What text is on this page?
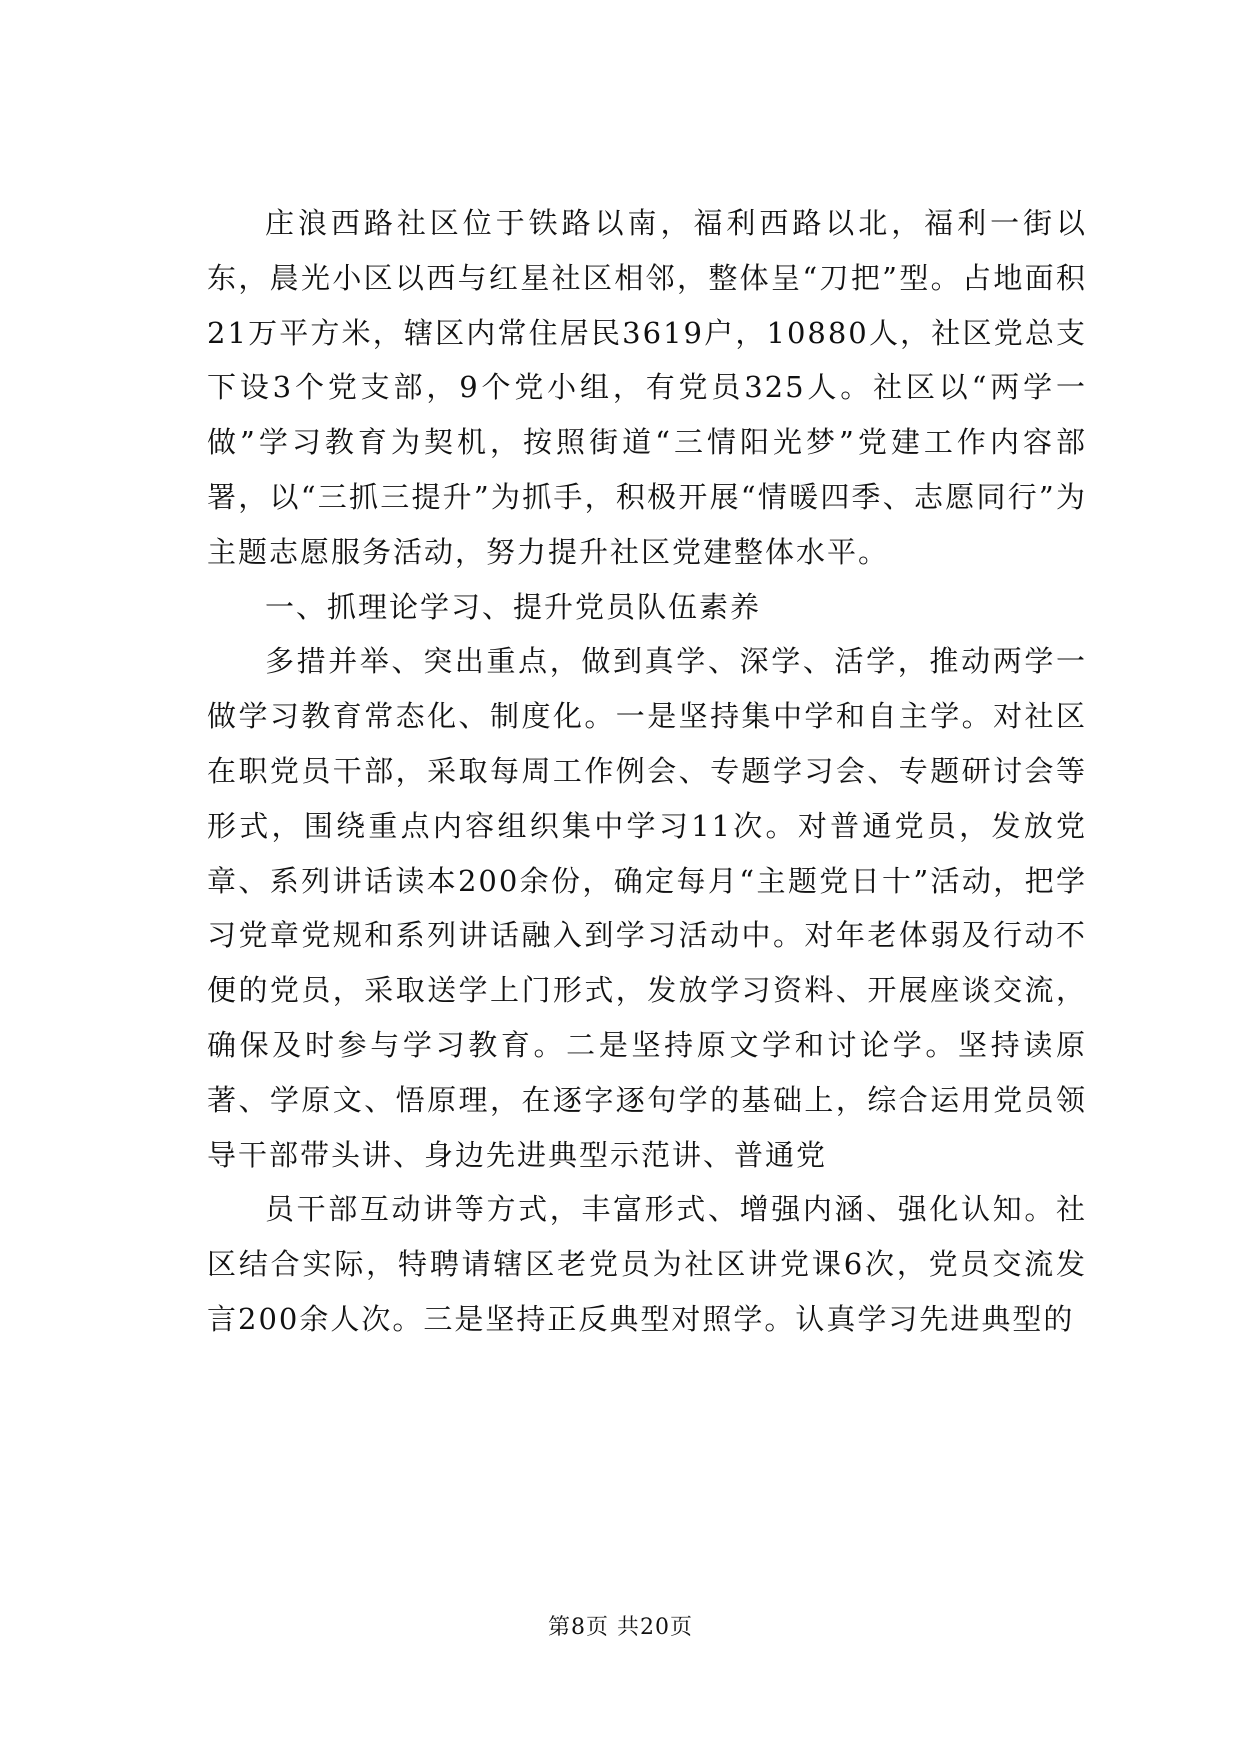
庄浪西路社区位于铁路以南，福利西路以北，福利一街以东，晨光小区以西与红星社区相邻，整体呈“刀把”型。占地面积21万平方米，辖区内常住居民3619户，10880人，社区党总支下设3个党支部，9个党小组，有党员325人。社区以“两学一做”学习教育为契机，按照街道“三情阳光梦”党建工作内容部署，以“三抓三提升”为抓手，积极开展“情暖四季、志愿同行”为主题志愿服务活动，努力提升社区党建整体水平。

一、抓理论学习、提升党员队伍素养

多措并举、突出重点，做到真学、深学、活学，推动两学一做学习教育常态化、制度化。一是坚持集中学和自主学。对社区在职党员干部，采取每周工作例会、专题学习会、专题研讨会等形式，围绕重点内容组织集中学习11次。对普通党员，发放党章、系列讲话读本200余份，确定每月“主题党日十”活动，把学习党章党规和系列讲话融入到学习活动中。对年老体弱及行动不便的党员，采取送学上门形式，发放学习资料、开展座谈交流，确保及时参与学习教育。二是坚持原文学和讨论学。坚持读原著、学原文、悟原理，在逐字逐句学的基础上，综合运用党员领导干部带头讲、身边先进典型示范讲、普通党

员干部互动讲等方式，丰富形式、增强内涵、强化认知。社区结合实际，特聘请辖区老党员为社区讲党课6次，党员交流发言200余人次。三是坚持正反典型对照学。认真学习先进典型的

第8页 共20页
